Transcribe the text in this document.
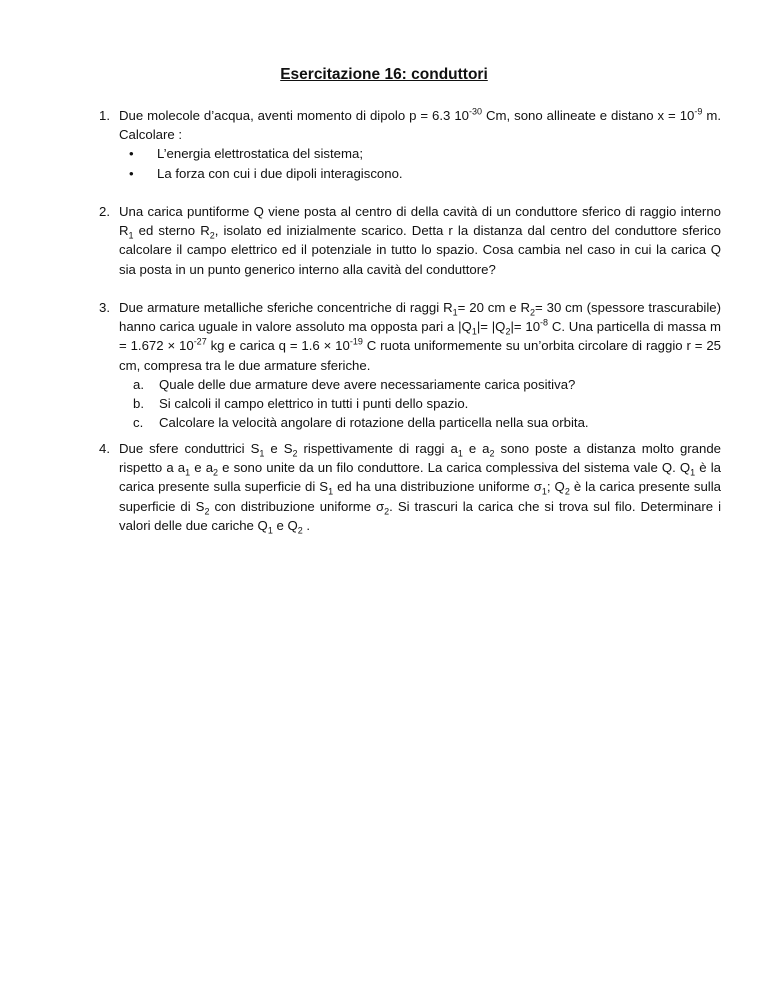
Esercitazione 16: conduttori
1. Due molecole d’acqua, aventi momento di dipolo p = 6.3 $10^{-30}$ Cm, sono allineate e distano $x = 10^{-9}$ m. Calcolare :
• L’energia elettrostatica del sistema;
• La forza con cui i due dipoli interagiscono.
2. Una carica puntiforme Q viene posta al centro di della cavità di un conduttore sferico di raggio interno $R_1$ ed sterno $R_2$, isolato ed inizialmente scarico. Detta r la distanza dal centro del conduttore sferico calcolare il campo elettrico ed il potenziale in tutto lo spazio. Cosa cambia nel caso in cui la carica Q sia posta in un punto generico interno alla cavità del conduttore?
3. Due armature metalliche sferiche concentriche di raggi $R_1= 20$ cm e $R_2= 30$ cm (spessore trascurabile) hanno carica uguale in valore assoluto ma opposta pari a $|Q_1|= |Q_2|= 10^{-8}$ C. Una particella di massa $m = 1.672 \times 10^{-27}$ kg e carica $q = 1.6 \times 10^{-19}$ C ruota uniformemente su un’orbita circolare di raggio r = 25 cm, compresa tra le due armature sferiche.
a. Quale delle due armature deve avere necessariamente carica positiva?
b. Si calcoli il campo elettrico in tutti i punti dello spazio.
c. Calcolare la velocità angolare di rotazione della particella nella sua orbita.
4. Due sfere conduttrici $S_1$ e $S_2$ rispettivamente di raggi $a_1$ e $a_2$ sono poste a distanza molto grande rispetto a $a_1$ e $a_2$ e sono unite da un filo conduttore. La carica complessiva del sistema vale Q. $Q_1$ è la carica presente sulla superficie di $S_1$ ed ha una distribuzione uniforme $\sigma_1$; $Q_2$ è la carica presente sulla superficie di $S_2$ con distribuzione uniforme $\sigma_2$. Si trascuri la carica che si trova sul filo. Determinare i valori delle due cariche $Q_1$ e $Q_2$ .
